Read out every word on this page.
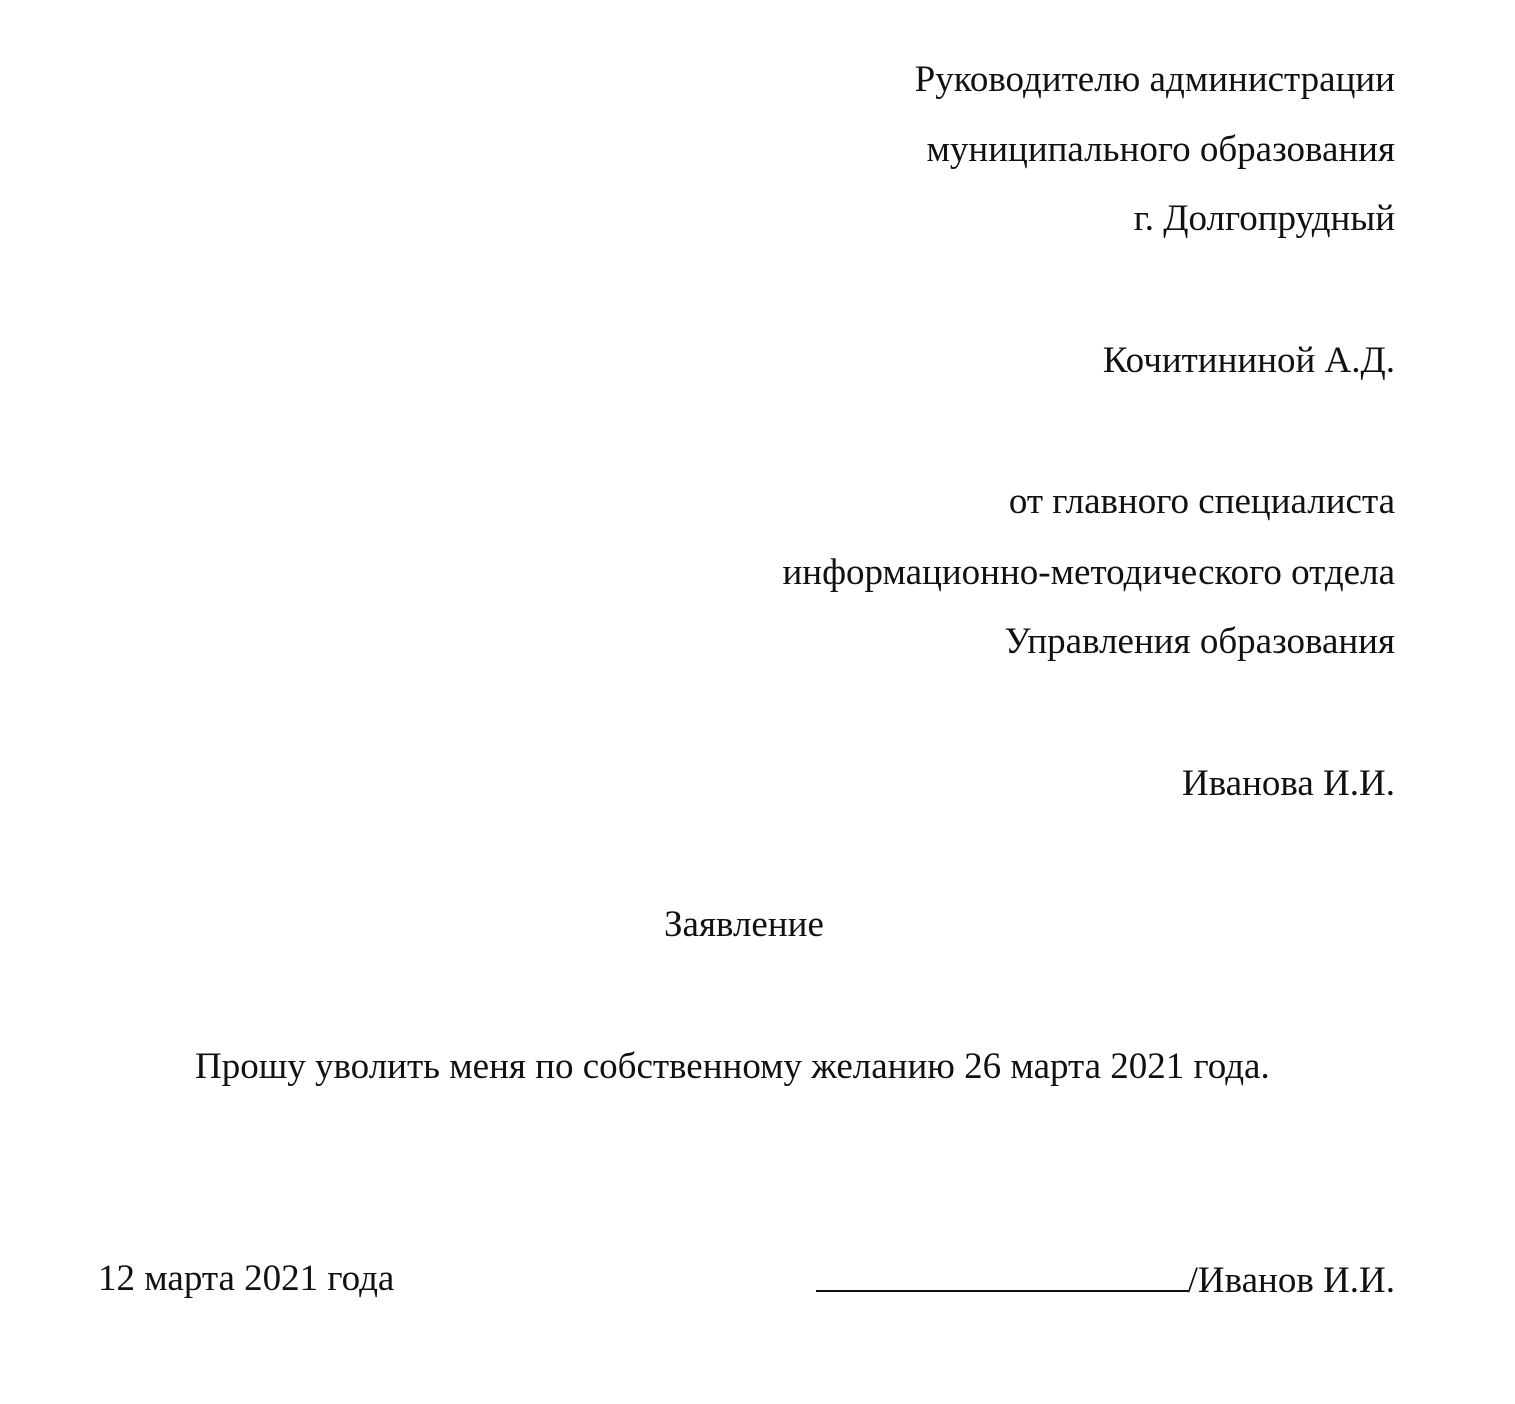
Руководителю администрации
муниципального образования
г. Долгопрудный
Кочитининой А.Д.
от главного специалиста
информационно-методического отдела
Управления образования
Иванова И.И.
Заявление
Прошу уволить меня по собственному желанию 26 марта 2021 года.
12 марта 2021 года	/Иванов И.И.
